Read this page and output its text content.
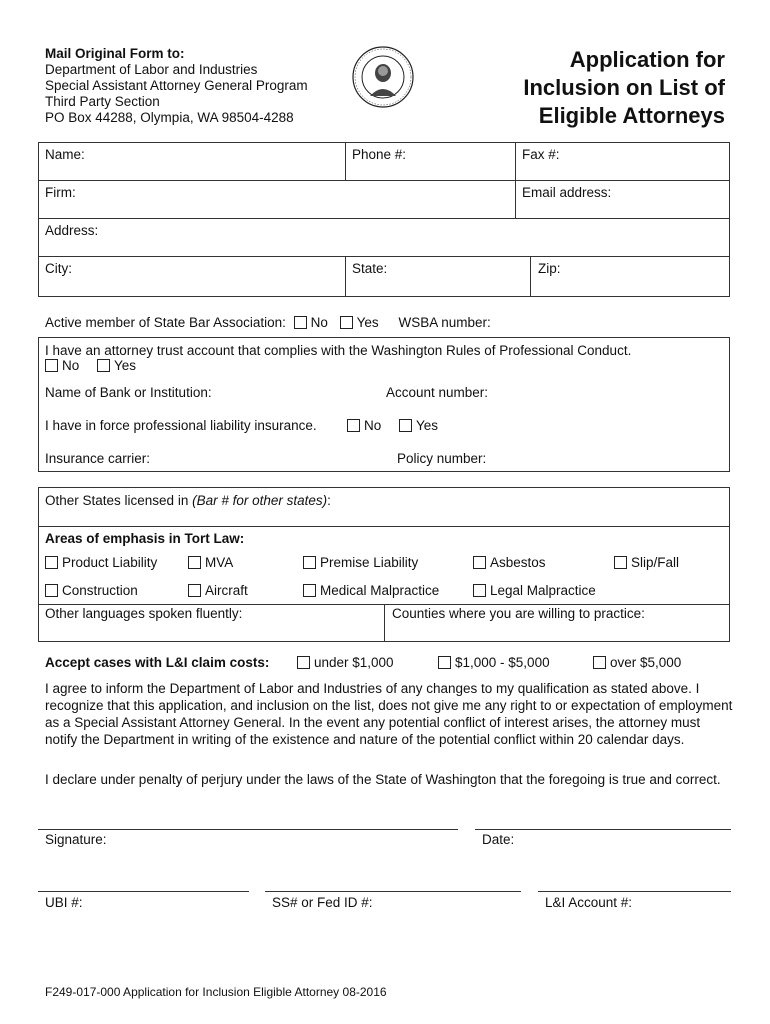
Mail Original Form to:
Department of Labor and Industries
Special Assistant Attorney General Program
Third Party Section
PO Box 44288, Olympia, WA 98504-4288
Application for
Inclusion on List of
Eligible Attorneys
Name:	Phone #:	Fax #:
Firm:	Email address:
Address:
City:	State:	Zip:
Active member of State Bar Association: No Yes WSBA number:
I have an attorney trust account that complies with the Washington Rules of Professional Conduct.
No	Yes
Name of Bank or Institution:	Account number:
I have in force professional liability insurance.	No	Yes
Insurance carrier:	Policy number:
Other States licensed in (Bar # for other states):
Areas of emphasis in Tort Law:
Product Liability	MVA	Premise Liability	Asbestos	Slip/Fall
Construction	Aircraft	Medical Malpractice	Legal Malpractice
Other languages spoken fluently:	Counties where you are willing to practice:
Accept cases with L&I claim costs:	under $1,000	$1,000 - $5,000	over $5,000
I agree to inform the Department of Labor and Industries of any changes to my qualification as stated above. I recognize that this application, and inclusion on the list, does not give me any right to or expectation of employment as a Special Assistant Attorney General. In the event any potential conflict of interest arises, the attorney must notify the Department in writing of the existence and nature of the potential conflict within 20 calendar days.
I declare under penalty of perjury under the laws of the State of Washington that the foregoing is true and correct.
Signature:	Date:
UBI #:	SS# or Fed ID #:	L&I Account #:
F249-017-000 Application for Inclusion Eligible Attorney 08-2016
